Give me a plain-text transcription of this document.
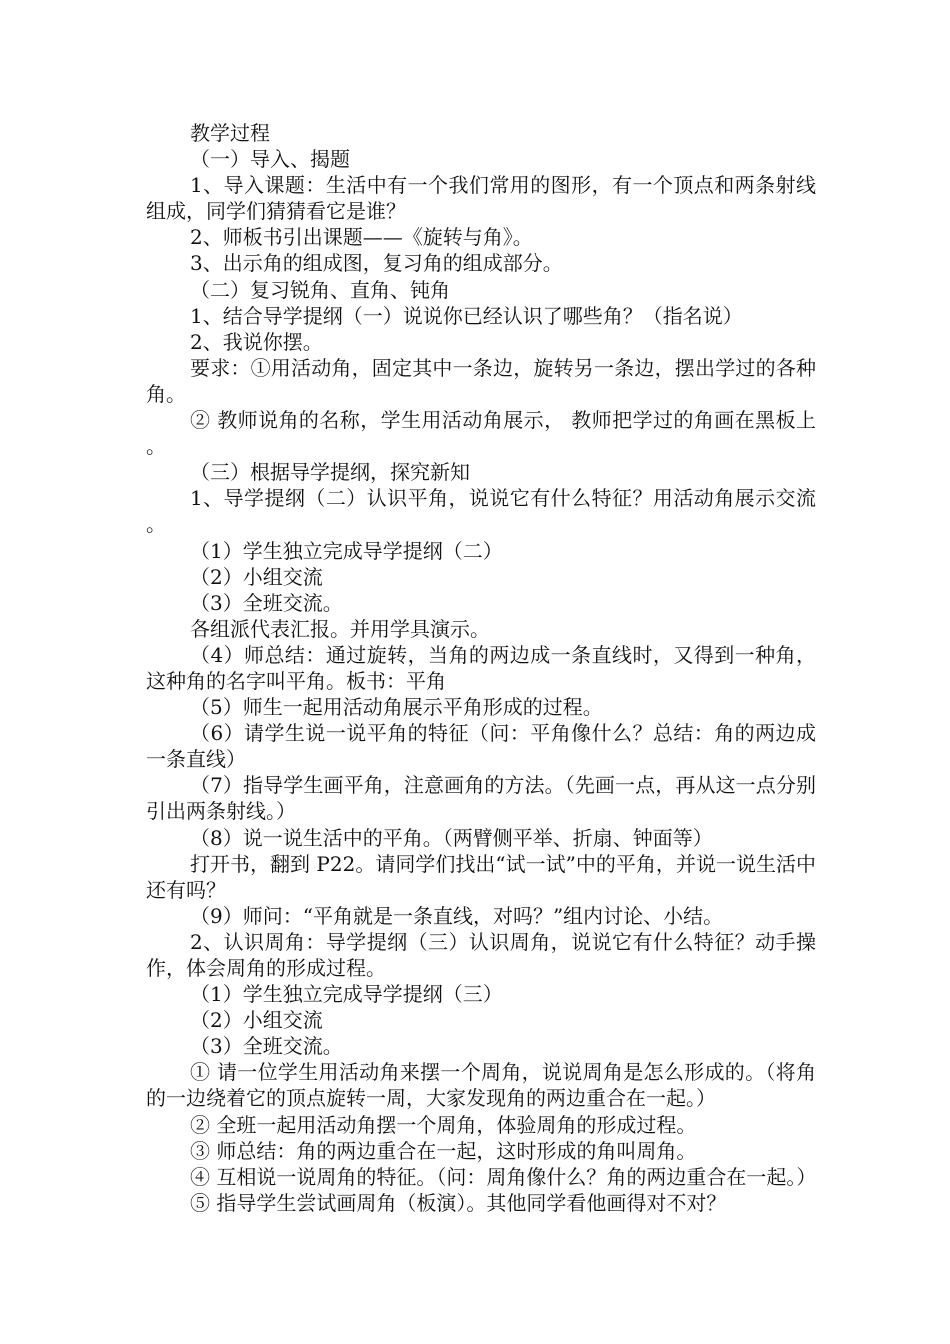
教学过程

（一）导入、揭题

1、导入课题：生活中有一个我们常用的图形，有一个顶点和两条射线组成，同学们猜猜看它是谁？

2、师板书引出课题——《旋转与角》。

3、出示角的组成图，复习角的组成部分。

（二）复习锐角、直角、钝角

1、结合导学提纲（一）说说你已经认识了哪些角？（指名说）

2、我说你摆。

要求：①用活动角，固定其中一条边，旋转另一条边，摆出学过的各种角。

② 教师说角的名称，学生用活动角展示， 教师把学过的角画在黑板上。

（三）根据导学提纲，探究新知

1、导学提纲（二）认识平角，说说它有什么特征？用活动角展示交流。

（1）学生独立完成导学提纲（二）

（2）小组交流

（3）全班交流。

各组派代表汇报。并用学具演示。

（4）师总结：通过旋转，当角的两边成一条直线时，又得到一种角，这种角的名字叫平角。板书：平角

（5）师生一起用活动角展示平角形成的过程。

（6）请学生说一说平角的特征（问：平角像什么？总结：角的两边成一条直线）

（7）指导学生画平角，注意画角的方法。（先画一点，再从这一点分别引出两条射线。）

（8）说一说生活中的平角。（两臂侧平举、折扇、钟面等）

打开书，翻到 P22。请同学们找出“试一试”中的平角，并说一说生活中还有吗？

（9）师问：“平角就是一条直线，对吗？”组内讨论、小结。

2、认识周角：导学提纲（三）认识周角，说说它有什么特征？动手操作，体会周角的形成过程。

（1）学生独立完成导学提纲（三）

（2）小组交流

（3）全班交流。

① 请一位学生用活动角来摆一个周角，说说周角是怎么形成的。（将角的一边绕着它的顶点旋转一周，大家发现角的两边重合在一起。）

② 全班一起用活动角摆一个周角，体验周角的形成过程。

③ 师总结：角的两边重合在一起，这时形成的角叫周角。

④ 互相说一说周角的特征。（问：周角像什么？角的两边重合在一起。）

⑤ 指导学生尝试画周角（板演）。其他同学看他画得对不对？
